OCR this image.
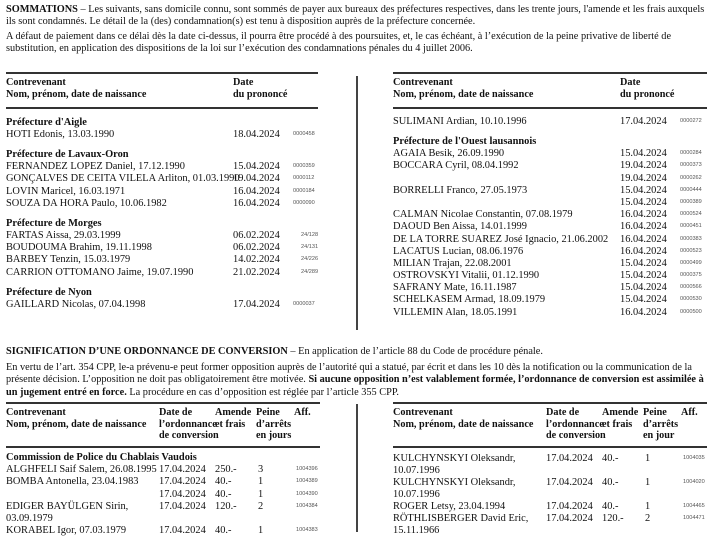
SOMMATIONS – Les suivants, sans domicile connu, sont sommés de payer aux bureaux des préfectures respectives, dans les trente jours, l'amende et les frais auxquels ils sont condamnés. Le détail de la (des) condamnation(s) est tenu à disposition auprès de la préfecture concernée.
A défaut de paiement dans ce délai dès la date ci-dessus, il pourra être procédé à des poursuites, et, le cas échéant, à l’exécution de la peine privative de liberté de substitution, en application des dispositions de la loi sur l’exécution des condamnations pénales du 4 juillet 2006.
Contrevenant
Nom, prénom, date de naissance
Date
du prononcé
Préfecture d'Aigle
HOTI Edonis, 13.03.1990	18.04.2024 0000458
Préfecture de Lavaux-Oron
FERNANDEZ LOPEZ Daniel, 17.12.1990	15.04.2024 0000359
GONÇALVES DE CEITA VILELA Arliton, 01.03.1990
19.04.2024 0000112
LOVIN Maricel, 16.03.1971	16.04.2024 0000184
SOUZA DA HORA Paulo, 10.06.1982	16.04.2024 0000090
Préfecture de Morges
FARTAS Aissa, 29.03.1999	06.02.2024	24/128
BOUDOUMA Brahim, 19.11.1998	06.02.2024	24/131
BARBEY Tenzin, 15.03.1979	14.02.2024	24/226
CARRION OTTOMANO Jaime, 19.07.1990	21.02.2024	24/289
Préfecture de Nyon
GAILLARD Nicolas, 07.04.1998	17.04.2024 0000037
Contrevenant
Nom, prénom, date de naissance
Date
du prononcé
SULIMANI Ardian, 10.10.1996	17.04.2024 0000272
Préfecture de l'Ouest lausannois
AGAIA Besik, 26.09.1990	15.04.2024 0000284
BOCCARA Cyril, 08.04.1992	19.04.2024 0000373
19.04.2024 0000262
BORRELLI Franco, 27.05.1973	15.04.2024 0000444
15.04.2024 0000389
CALMAN Nicolae Constantin, 07.08.1979	16.04.2024 0000524
DAOUD Ben Aissa, 14.01.1999	16.04.2024 0000451
DE LA TORRE SUAREZ José Ignacio, 21.06.2002 16.04.2024 0000383
LACATUS Lucian, 08.06.1976	16.04.2024 0000523
MILIAN Trajan, 22.08.2001	15.04.2024 0000499
OSTROVSKYI Vitalii, 01.12.1990	15.04.2024 0000375
SAFRANY Mate, 16.11.1987	15.04.2024 0000566
SCHELKASEM Armad, 18.09.1979	15.04.2024 0000530
VILLEMIN Alan, 18.05.1991	16.04.2024 0000500
SIGNIFICATION D’UNE ORDONNANCE DE CONVERSION – En application de l’article 88 du Code de procédure pénale.
En vertu de l’art. 354 CPP, le-a prévenu-e peut former opposition auprès de l’autorité qui a statué, par écrit et dans les 10 dès la notification ou la communication de la présente décision. L’opposition ne doit pas obligatoirement être motivée. Si aucune opposition n’est valablement formée, l’ordonnance de conversion est assimilée à un jugement entré en force. La procédure en cas d’opposition est réglée par l’article 355 CPP.
Contrevenant
Nom, prénom, date de naissance
Date de
l’ordonnance
de conversion
Amende
et frais
Peine
d’arrêts
en jours
Aff.
Commission de Police du Chablais Vaudois
ALGHFELI Saif Salem, 26.08.1995 17.04.2024 250.- 3	1004396
BOMBA Antonella, 23.04.1983 17.04.2024 40.-	1	1004389
17.04.2024 40.-	1	1004390
EDIGER BAYÜLGEN Sirin,
03.09.1979
17.04.2024 120.- 2	1004384
KORABEL Igor, 07.03.1979	17.04.2024 40.-	1	1004383
Contrevenant
Nom, prénom, date de naissance
Date de
l’ordonnance
de conversion
Amende
et frais
Peine
d’arrêts
en jour
Aff.
KULCHYNSKYI Oleksandr,
10.07.1996
17.04.2024 40.-	1	1004035
KULCHYNSKYI Oleksandr,
10.07.1996
17.04.2024 40.-	1	1004020
ROGER Letsy, 23.04.1994	17.04.2024 40.-	1	1004465
RÖTHLISBERGER David Eric,
15.11.1966
17.04.2024 120.- 2	1004471
